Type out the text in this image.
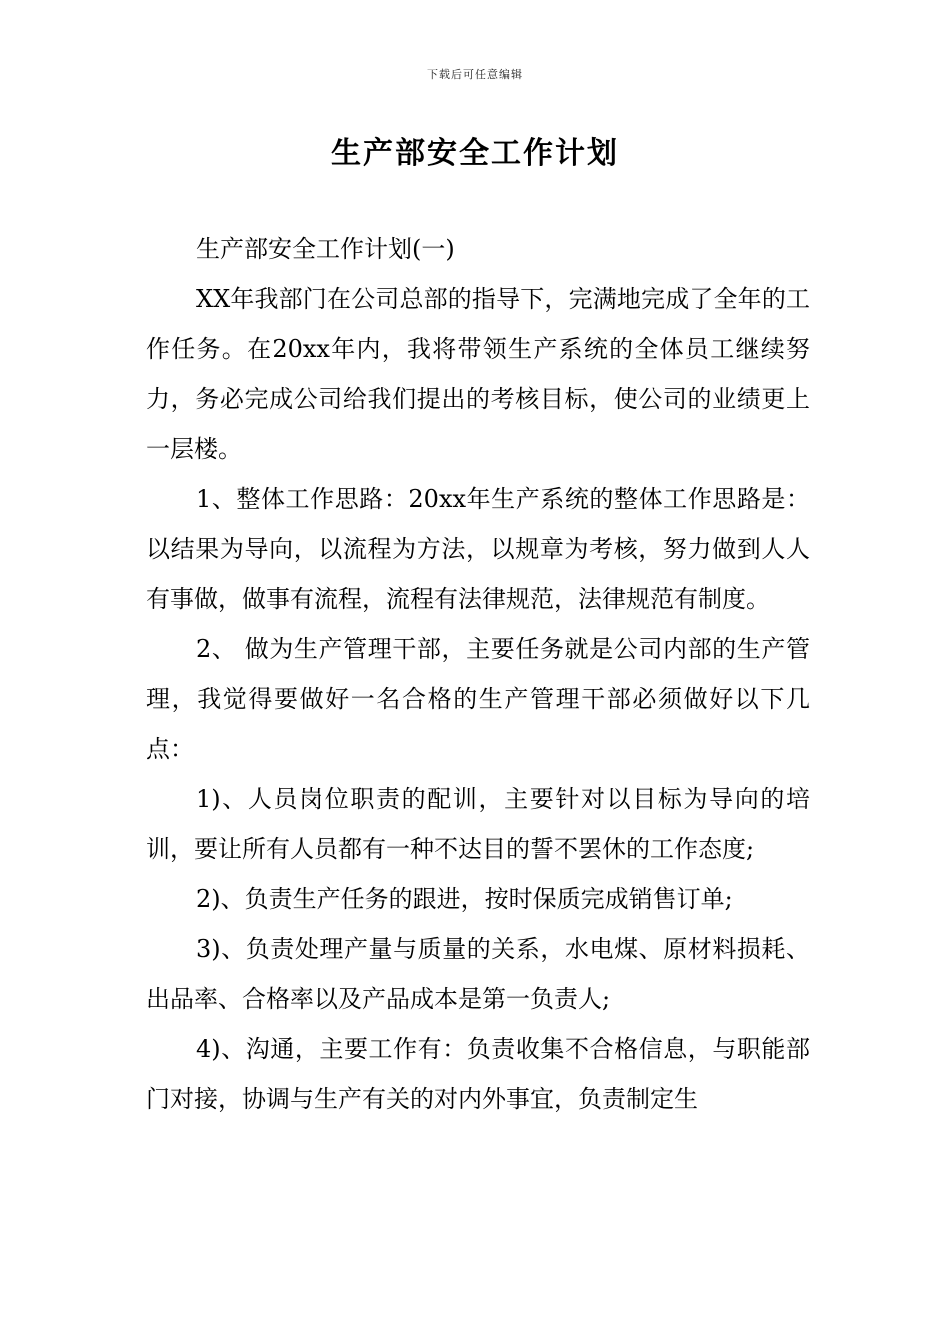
下载后可任意编辑
生产部安全工作计划

生产部安全工作计划(一)

XX年我部门在公司总部的指导下，完满地完成了全年的工作任务。在20xx年内，我将带领生产系统的全体员工继续努力，务必完成公司给我们提出的考核目标，使公司的业绩更上一层楼。

1、整体工作思路：20xx年生产系统的整体工作思路是：以结果为导向，以流程为方法，以规章为考核，努力做到人人有事做，做事有流程，流程有法律规范，法律规范有制度。

2、 做为生产管理干部，主要任务就是公司内部的生产管理，我觉得要做好一名合格的生产管理干部必须做好以下几点：

1)、人员岗位职责的配训，主要针对以目标为导向的培训，要让所有人员都有一种不达目的誓不罢休的工作态度;

2)、负责生产任务的跟进，按时保质完成销售订单;

3)、负责处理产量与质量的关系，水电煤、原材料损耗、出品率、合格率以及产品成本是第一负责人;

4)、沟通，主要工作有：负责收集不合格信息，与职能部门对接，协调与生产有关的对内外事宜，负责制定生
